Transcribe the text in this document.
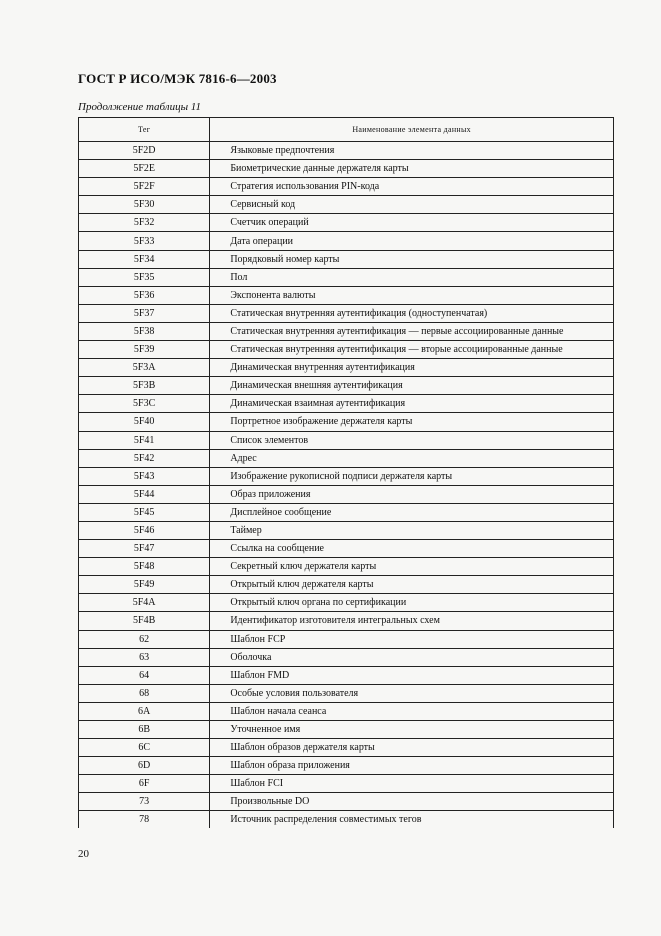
ГОСТ Р ИСО/МЭК 7816-6—2003
Продолжение таблицы 11
Тег	Наименование элемента данных
5F2D	Языковые предпочтения
5F2E	Биометрические данные держателя карты
5F2F	Стратегия использования PIN-кода
5F30	Сервисный код
5F32	Счетчик операций
5F33	Дата операции
5F34	Порядковый номер карты
5F35	Пол
5F36	Экспонента валюты
5F37	Статическая внутренняя аутентификация (одноступенчатая)
5F38	Статическая внутренняя аутентификация — первые ассоциированные данные
5F39	Статическая внутренняя аутентификация — вторые ассоциированные данные
5F3A	Динамическая внутренняя аутентификация
5F3B	Динамическая внешняя аутентификация
5F3C	Динамическая взаимная аутентификация
5F40	Портретное изображение держателя карты
5F41	Список элементов
5F42	Адрес
5F43	Изображение рукописной подписи держателя карты
5F44	Образ приложения
5F45	Дисплейное сообщение
5F46	Таймер
5F47	Ссылка на сообщение
5F48	Секретный ключ держателя карты
5F49	Открытый ключ держателя карты
5F4A	Открытый ключ органа по сертификации
5F4B	Идентификатор изготовителя интегральных схем
62	Шаблон FCP
63	Оболочка
64	Шаблон FMD
68	Особые условия пользователя
6A	Шаблон начала сеанса
6B	Уточненное имя
6C	Шаблон образов держателя карты
6D	Шаблон образа приложения
6F	Шаблон FCI
73	Произвольные DO
78	Источник распределения совместимых тегов
20
